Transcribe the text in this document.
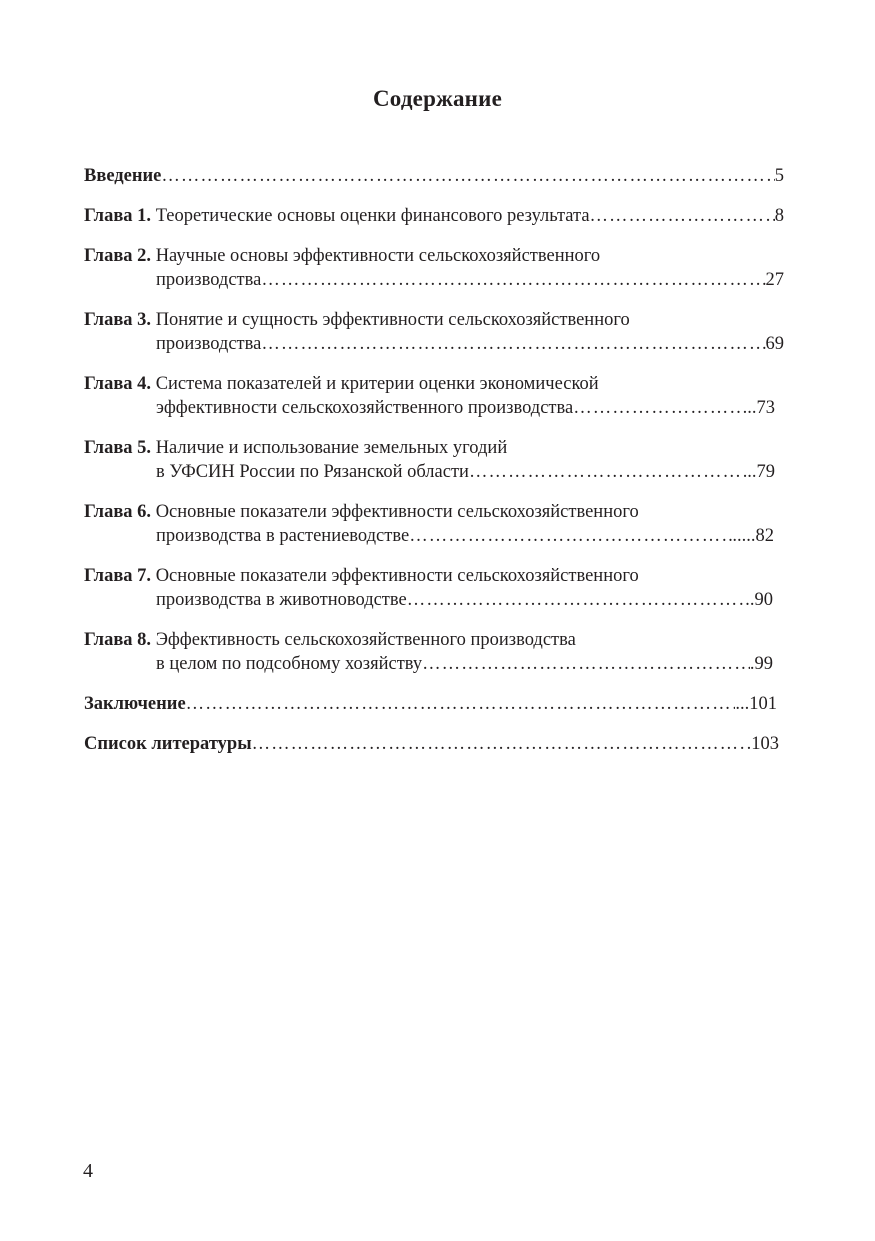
Содержание
Введение ……………………………………………………………………………………………………………………………………………………	5
Глава 1. Теоретические основы оценки финансового результата ……………………………………………………………………………………………………………………………………………………	8
Глава 2. Научные основы эффективности сельскохозяйственного
производства ……………………………………………………………………………………………………………………………………………………	27
Глава 3. Понятие и сущность эффективности сельскохозяйственного
производства ……………………………………………………………………………………………………………………………………………………	69
Глава 4. Система показателей и критерии оценки экономической
эффективности сельскохозяйственного производства ……………………………………………………………………………………………………………………………………………………	...73
Глава 5. Наличие и использование земельных угодий
в УФСИН России по Рязанской области ……………………………………………………………………………………………………………………………………………………	..79
Глава 6. Основные показатели эффективности сельскохозяйственного
производства в растениеводстве ……………………………………………………………………………………………………………………………………………………	.....82
Глава 7. Основные показатели эффективности сельскохозяйственного
производства в животноводстве ……………………………………………………………………………………………………………………………………………………	.90
Глава 8. Эффективность сельскохозяйственного производства
в целом по подсобному хозяйству ……………………………………………………………………………………………………………………………………………………	.99
Заключение ……………………………………………………………………………………………………………………………………………………	...101
Список литературы ……………………………………………………………………………………………………………………………………………………	.103
4
